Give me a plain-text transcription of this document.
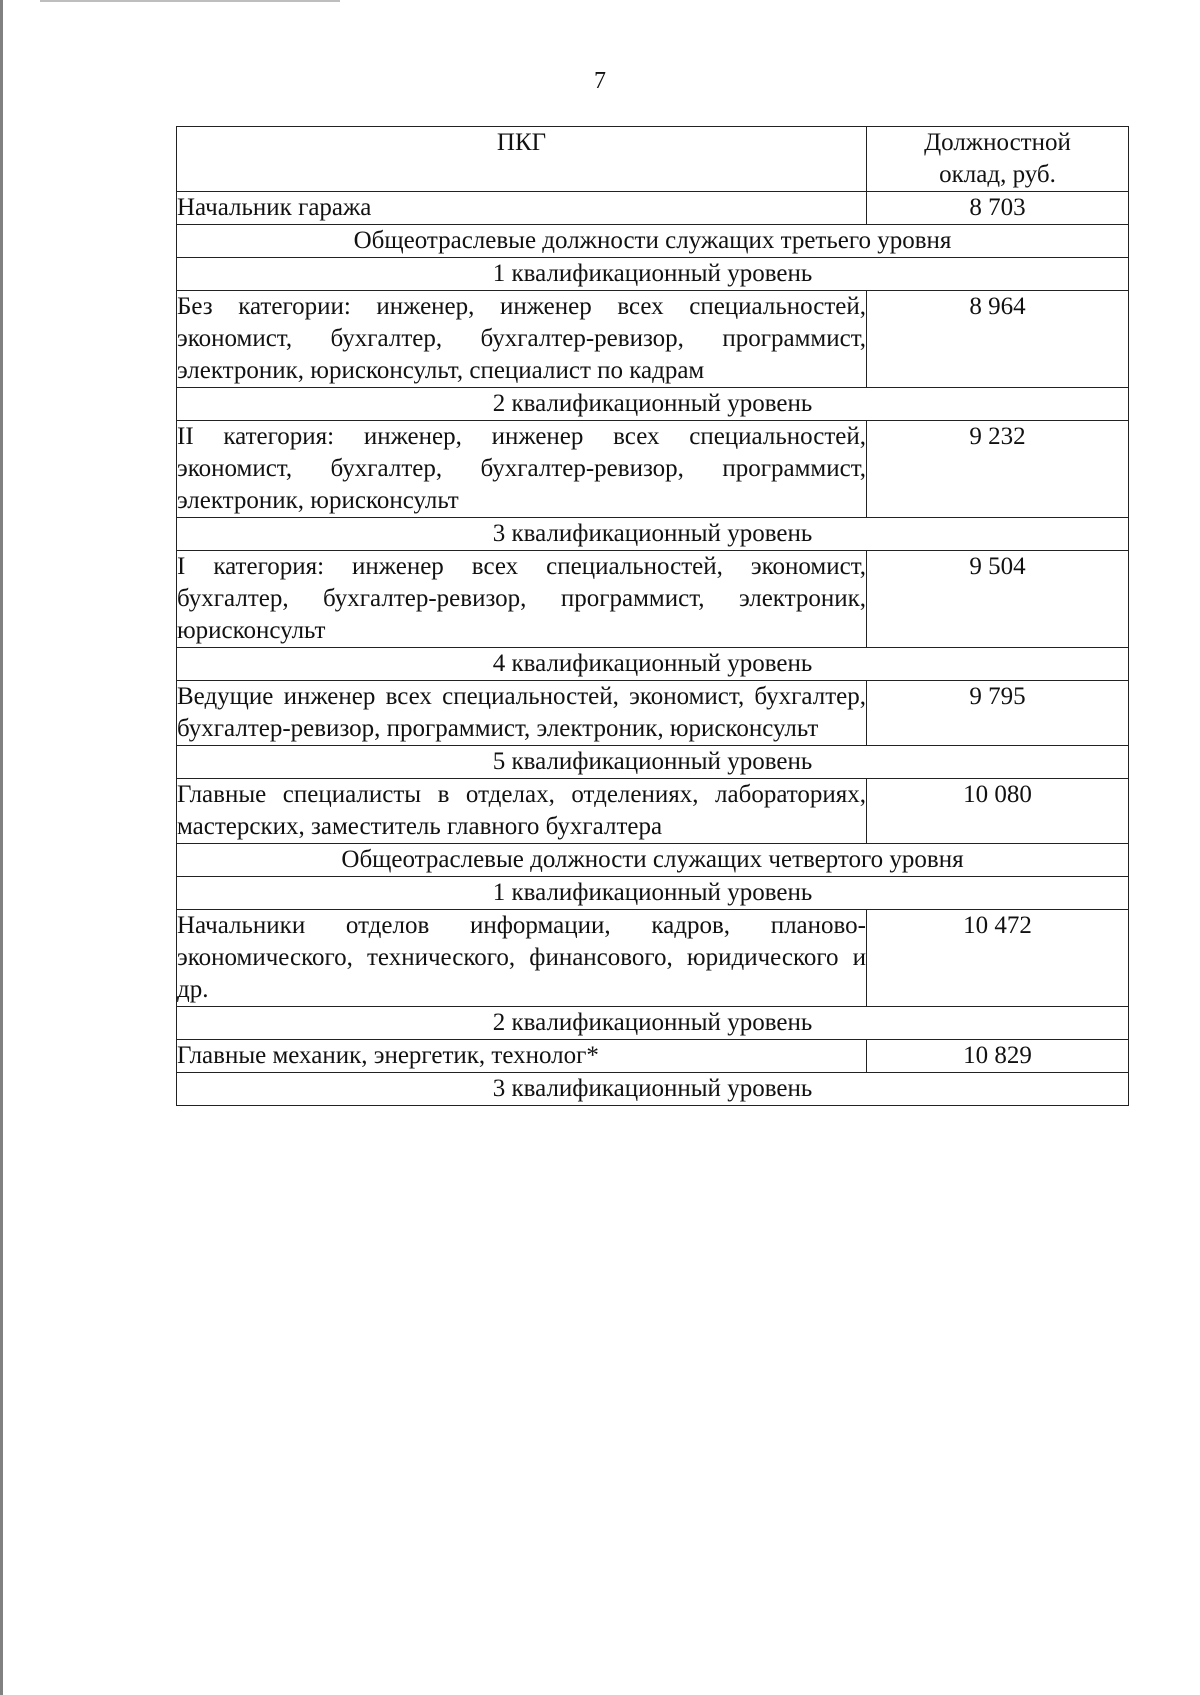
7
ПКГ	Должностной оклад, руб.
Начальник гаража	8 703
Общеотраслевые должности служащих третьего уровня	
1 квалификационный уровень	
Без категории: инженер, инженер всех специальностей, экономист, бухгалтер, бухгалтер-ревизор, программист, электроник, юрисконсульт, специалист по кадрам	8 964
2 квалификационный уровень	
II категория: инженер, инженер всех специальностей, экономист, бухгалтер, бухгалтер-ревизор, программист, электроник, юрисконсульт	9 232
3 квалификационный уровень	
I категория: инженер всех специальностей, экономист, бухгалтер, бухгалтер-ревизор, программист, электроник, юрисконсульт	9 504
4 квалификационный уровень	
Ведущие инженер всех специальностей, экономист, бухгалтер, бухгалтер-ревизор, программист, электроник, юрисконсульт	9 795
5 квалификационный уровень	
Главные специалисты в отделах, отделениях, лабораториях, мастерских, заместитель главного бухгалтера	10 080
Общеотраслевые должности служащих четвертого уровня	
1 квалификационный уровень	
Начальники отделов информации, кадров, планово-экономического, технического, финансового, юридического и др.	10 472
2 квалификационный уровень	
Главные механик, энергетик, технолог*	10 829
3 квалификационный уровень	
